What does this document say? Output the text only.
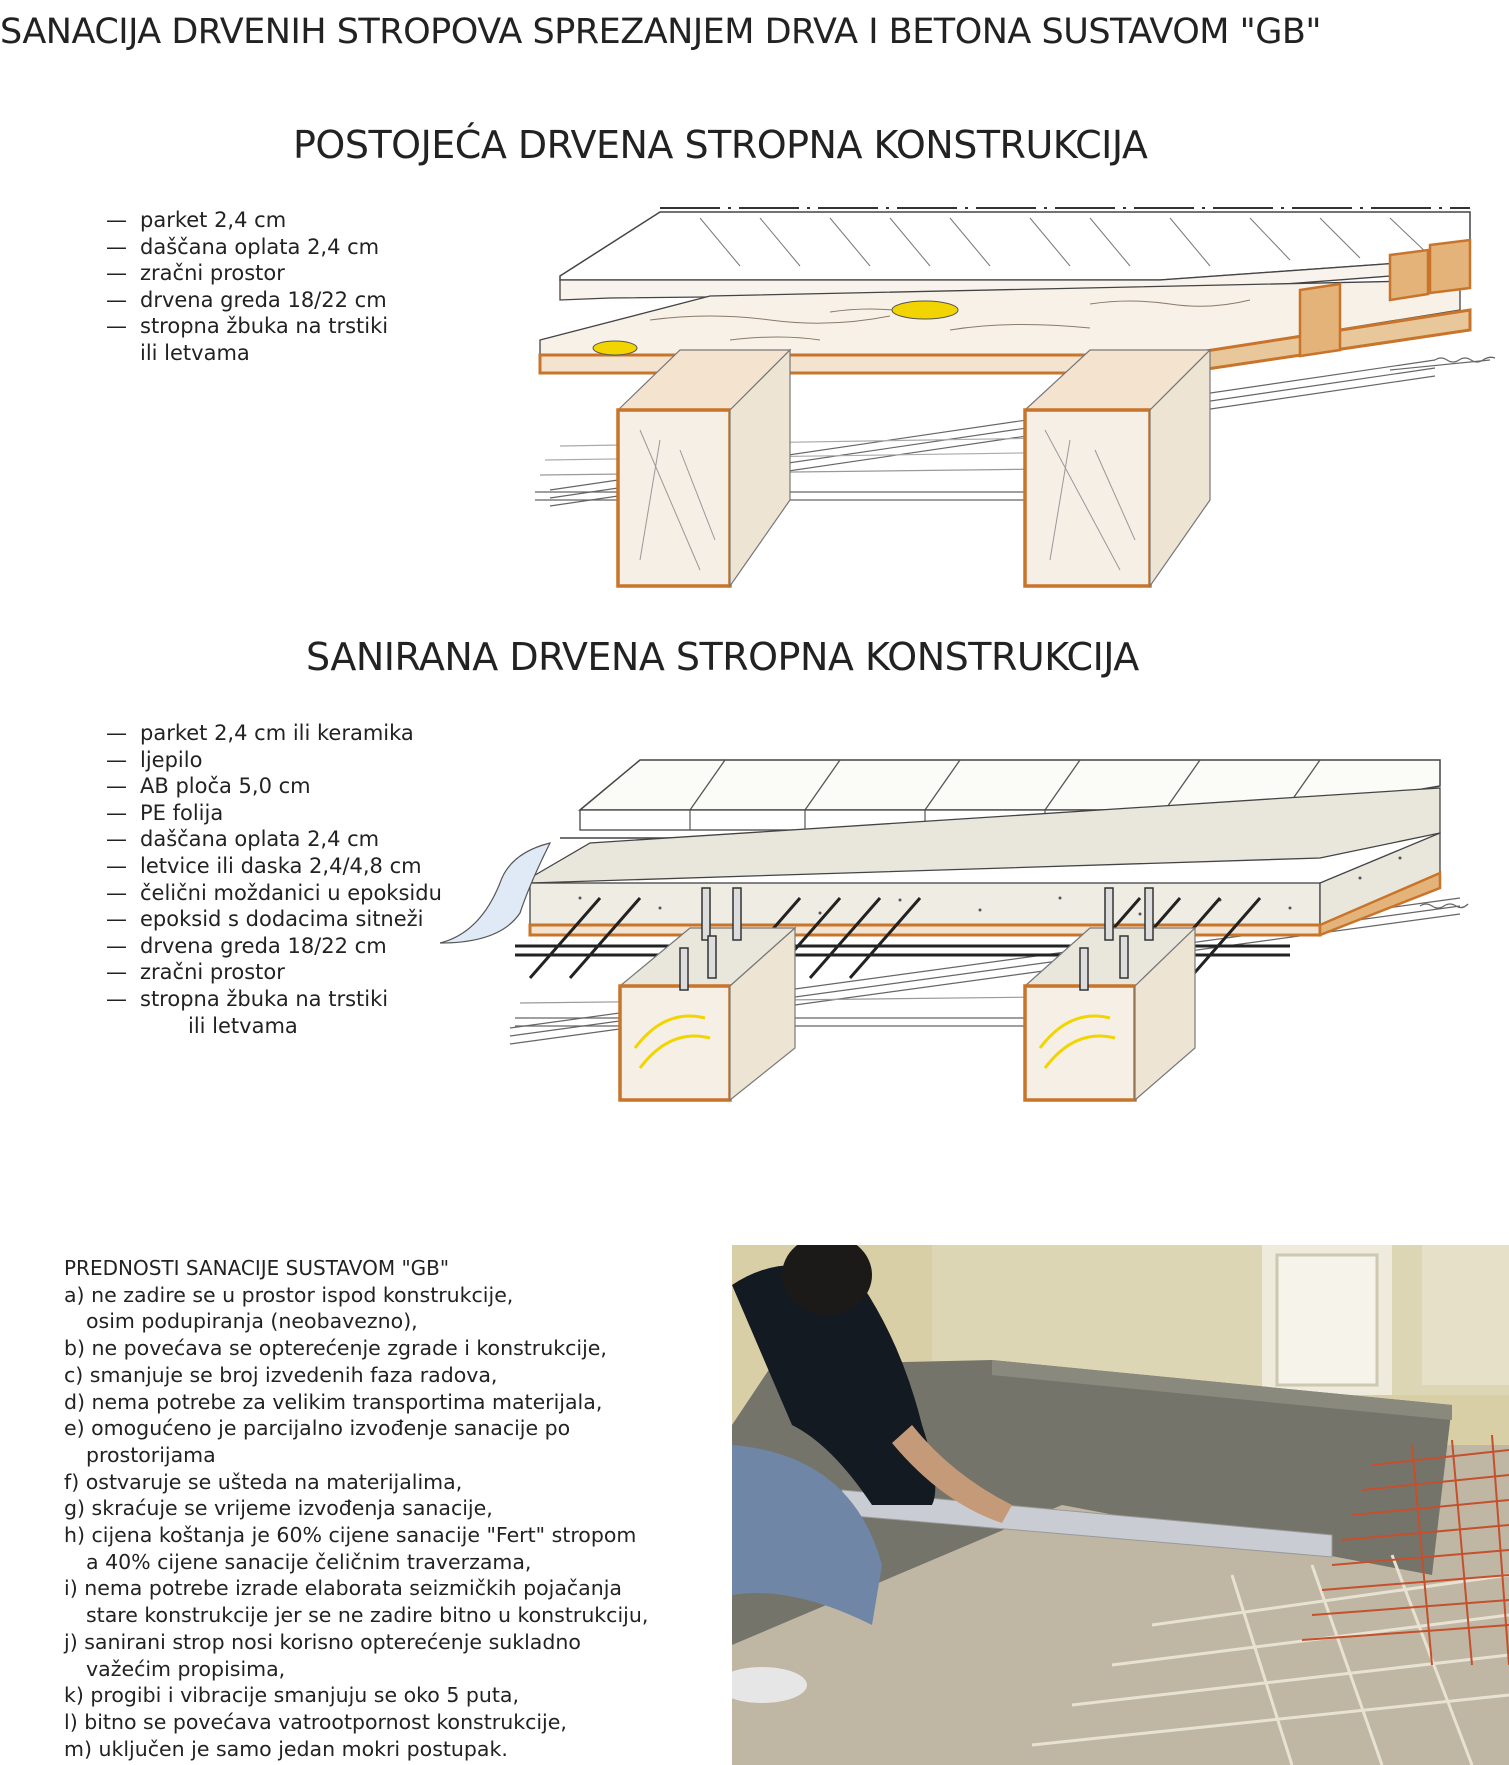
SANACIJA DRVENIH STROPOVA SPREZANJEM DRVA I BETONA SUSTAVOM "GB"
POSTOJEĆA DRVENA STROPNA KONSTRUKCIJA
— parket 2,4 cm
— daščana oplata 2,4 cm
— zračni prostor
— drvena greda 18/22 cm
— stropna žbuka na trstiki
ili letvama
SANIRANA DRVENA STROPNA KONSTRUKCIJA
— parket 2,4 cm ili keramika
— ljepilo
— AB ploča 5,0 cm
— PE folija
— daščana oplata 2,4 cm
— letvice ili daska 2,4/4,8 cm
— čelični moždanici u epoksidu
— epoksid s dodacima sitneži
— drvena greda 18/22 cm
— zračni prostor
— stropna žbuka na trstiki
ili letvama
PREDNOSTI SANACIJE SUSTAVOM "GB"
a) ne zadire se u prostor ispod konstrukcije,
osim podupiranja (neobavezno),
b) ne povećava se opterećenje zgrade i konstrukcije,
c) smanjuje se broj izvedenih faza radova,
d) nema potrebe za velikim transportima materijala,
e) omogućeno je parcijalno izvođenje sanacije po
prostorijama
f) ostvaruje se ušteda na materijalima,
g) skraćuje se vrijeme izvođenja sanacije,
h) cijena koštanja je 60% cijene sanacije "Fert" stropom
a 40% cijene sanacije čeličnim traverzama,
i) nema potrebe izrade elaborata seizmičkih pojačanja
stare konstrukcije jer se ne zadire bitno u konstrukciju,
j) sanirani strop nosi korisno opterećenje sukladno
važećim propisima,
k) progibi i vibracije smanjuju se oko 5 puta,
l) bitno se povećava vatrootpornost konstrukcije,
m) uključen je samo jedan mokri postupak.
